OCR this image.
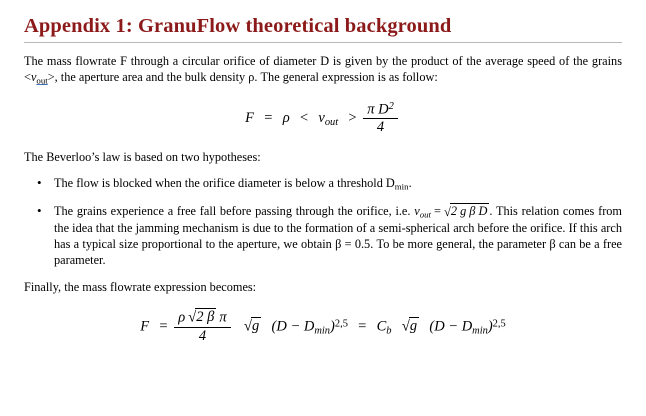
Appendix 1: GranuFlow theoretical background

The mass flowrate F through a circular orifice of diameter D is given by the product of the average speed of the grains $<v_{out}>$, the aperture area and the bulk density ρ. The general expression is as follow:

$F = \rho < v_{out} > \frac{\pi D^2}{4}$

The Beverloo’s law is based on two hypotheses:

• The flow is blocked when the orifice diameter is below a threshold $D_{min}$.
• The grains experience a free fall before passing through the orifice, i.e. $v_{out} = √2$ g β D . This relation comes from the idea that the jamming mechanism is due to the formation of a semi-spherical arch before the orifice. If this arch has a typical size proportional to the aperture, we obtain β = 0.5. To be more general, the parameter β can be a free parameter.

Finally, the mass flowrate expression becomes:

$F = \frac{\text{ρ √2 β π}}{4} √g$ $(D - D_{min})^{2,5} = C_b$ √g $(D - D_{min})^{2,5}$
